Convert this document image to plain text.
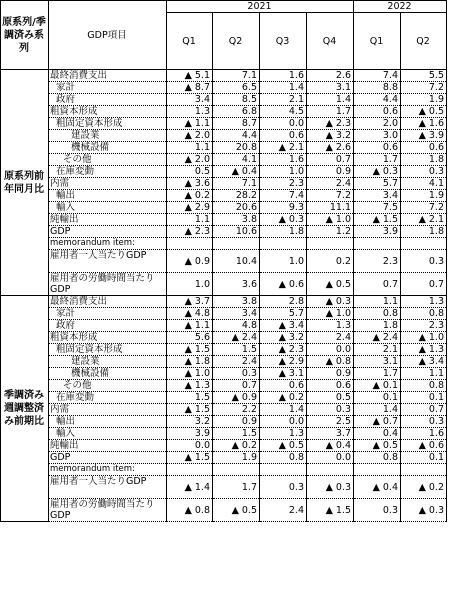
原系列/季調済み系列	GDP項目	2021				2022	
		Q1	Q2	Q3	Q4	Q1	Q2
原系列前年同月比	最終消費支出	▲ 5.1	7.1	1.6	2.6	7.4	5.5
	家計	▲ 8.7	6.5	1.4	3.1	8.8	7.2
	政府	3.4	8.5	2.1	1.4	4.4	1.9
	粗資本形成	1.3	6.8	4.5	1.7	0.6	▲ 0.5
	粗固定資本形成	▲ 1.1	8.7	0.0	▲ 2.3	2.0	▲ 1.6
	建設業	▲ 2.0	4.4	0.6	▲ 3.2	3.0	▲ 3.9
	機械設備	1.1	20.8	▲ 2.1	▲ 2.6	0.6	0.6
	その他	▲ 2.0	4.1	1.6	0.7	1.7	1.8
	在庫変動	0.5	▲ 0.4	1.0	0.9	▲ 0.3	0.3
	内需	▲ 3.6	7.1	2.3	2.4	5.7	4.1
	輸出	▲ 0.2	28.2	7.4	7.2	3.4	1.9
	輸入	▲ 2.9	20.6	9.3	11.1	7.5	7.2
	純輸出	1.1	3.8	▲ 0.3	▲ 1.0	▲ 1.5	▲ 2.1
	GDP	▲ 2.3	10.6	1.8	1.2	3.9	1.8
	memorandum item:						
	雇用者一人当たりGDP	▲ 0.9	10.4	1.0	0.2	2.3	0.3
	雇用者の労働時間当たりGDP	1.0	3.6	▲ 0.6	▲ 0.5	0.7	0.7
季調済み週調整済み前期比	最終消費支出	▲ 3.7	3.8	2.8	▲ 0.3	1.1	1.3
	家計	▲ 4.8	3.4	5.7	▲ 1.0	0.8	0.8
	政府	▲ 1.1	4.8	▲ 3.4	1.3	1.8	2.3
	粗資本形成	5.6	▲ 2.4	▲ 3.2	2.4	▲ 2.4	▲ 1.0
	粗固定資本形成	▲ 1.5	1.5	▲ 2.3	0.0	2.1	▲ 1.3
	建設業	▲ 1.8	2.4	▲ 2.9	▲ 0.8	3.1	▲ 3.4
	機械設備	▲ 1.0	0.3	▲ 3.1	0.9	1.7	1.1
	その他	▲ 1.3	0.7	0.6	0.6	▲ 0.1	0.8
	在庫変動	1.5	▲ 0.9	▲ 0.2	0.5	0.1	0.1
	内需	▲ 1.5	2.2	1.4	0.3	1.4	0.7
	輸出	3.2	0.9	0.0	2.5	▲ 0.7	0.3
	輸入	3.9	1.5	1.3	3.7	0.4	1.6
	純輸出	0.0	▲ 0.2	▲ 0.5	▲ 0.4	▲ 0.5	▲ 0.6
	GDP	▲ 1.5	1.9	0.8	0.0	0.8	0.1
	memorandum item:						
	雇用者一人当たりGDP	▲ 1.4	1.7	0.3	▲ 0.3	▲ 0.4	▲ 0.2
	雇用者の労働時間当たりGDP	▲ 0.8	▲ 0.5	2.4	▲ 1.5	0.3	▲ 0.3
